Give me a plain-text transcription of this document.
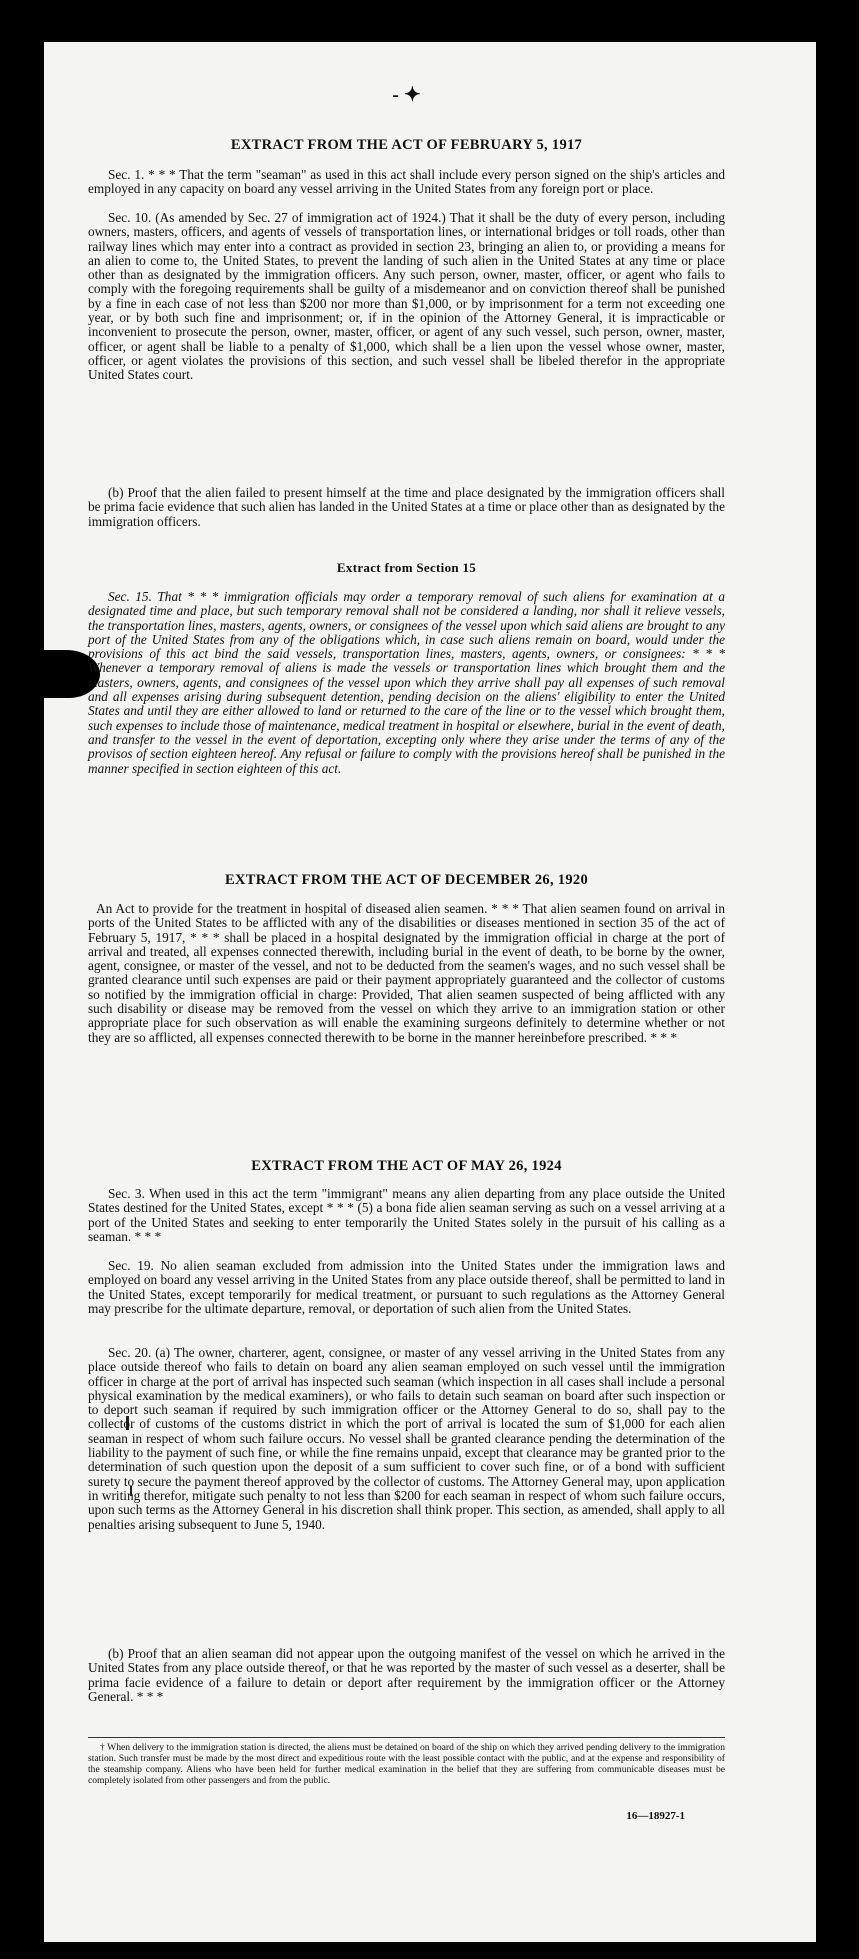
- ✦
EXTRACT FROM THE ACT OF FEBRUARY 5, 1917
Sec. 1. * * * That the term "seaman" as used in this act shall include every person signed on the ship's articles and employed in any capacity on board any vessel arriving in the United States from any foreign port or place.
Sec. 10. (As amended by Sec. 27 of immigration act of 1924.) That it shall be the duty of every person, including owners, masters, officers, and agents of vessels of transportation lines, or international bridges or toll roads, other than railway lines which may enter into a contract as provided in section 23, bringing an alien to, or providing a means for an alien to come to, the United States, to prevent the landing of such alien in the United States at any time or place other than as designated by the immigration officers. Any such person, owner, master, officer, or agent who fails to comply with the foregoing requirements shall be guilty of a misdemeanor and on conviction thereof shall be punished by a fine in each case of not less than $200 nor more than $1,000, or by imprisonment for a term not exceeding one year, or by both such fine and imprisonment; or, if in the opinion of the Attorney General, it is impracticable or inconvenient to prosecute the person, owner, master, officer, or agent of any such vessel, such person, owner, master, officer, or agent shall be liable to a penalty of $1,000, which shall be a lien upon the vessel whose owner, master, officer, or agent violates the provisions of this section, and such vessel shall be libeled therefor in the appropriate United States court.
(b) Proof that the alien failed to present himself at the time and place designated by the immigration officers shall be prima facie evidence that such alien has landed in the United States at a time or place other than as designated by the immigration officers.
Extract from Section 15
Sec. 15. That * * * immigration officials may order a temporary removal of such aliens for examination at a designated time and place, but such temporary removal shall not be considered a landing, nor shall it relieve vessels, the transportation lines, masters, agents, owners, or consignees of the vessel upon which said aliens are brought to any port of the United States from any of the obligations which, in case such aliens remain on board, would under the provisions of this act bind the said vessels, transportation lines, masters, agents, owners, or consignees: * * * Whenever a temporary removal of aliens is made the vessels or transportation lines which brought them and the masters, owners, agents, and consignees of the vessel upon which they arrive shall pay all expenses of such removal and all expenses arising during subsequent detention, pending decision on the aliens' eligibility to enter the United States and until they are either allowed to land or returned to the care of the line or to the vessel which brought them, such expenses to include those of maintenance, medical treatment in hospital or elsewhere, burial in the event of death, and transfer to the vessel in the event of deportation, excepting only where they arise under the terms of any of the provisos of section eighteen hereof. Any refusal or failure to comply with the provisions hereof shall be punished in the manner specified in section eighteen of this act.
EXTRACT FROM THE ACT OF DECEMBER 26, 1920
An Act to provide for the treatment in hospital of diseased alien seamen. * * * That alien seamen found on arrival in ports of the United States to be afflicted with any of the disabilities or diseases mentioned in section 35 of the act of February 5, 1917, * * * shall be placed in a hospital designated by the immigration official in charge at the port of arrival and treated, all expenses connected therewith, including burial in the event of death, to be borne by the owner, agent, consignee, or master of the vessel, and not to be deducted from the seamen's wages, and no such vessel shall be granted clearance until such expenses are paid or their payment appropriately guaranteed and the collector of customs so notified by the immigration official in charge: Provided, That alien seamen suspected of being afflicted with any such disability or disease may be removed from the vessel on which they arrive to an immigration station or other appropriate place for such observation as will enable the examining surgeons definitely to determine whether or not they are so afflicted, all expenses connected therewith to be borne in the manner hereinbefore prescribed. * * *
EXTRACT FROM THE ACT OF MAY 26, 1924
Sec. 3. When used in this act the term "immigrant" means any alien departing from any place outside the United States destined for the United States, except * * * (5) a bona fide alien seaman serving as such on a vessel arriving at a port of the United States and seeking to enter temporarily the United States solely in the pursuit of his calling as a seaman. * * *
Sec. 19. No alien seaman excluded from admission into the United States under the immigration laws and employed on board any vessel arriving in the United States from any place outside thereof, shall be permitted to land in the United States, except temporarily for medical treatment, or pursuant to such regulations as the Attorney General may prescribe for the ultimate departure, removal, or deportation of such alien from the United States.
Sec. 20. (a) The owner, charterer, agent, consignee, or master of any vessel arriving in the United States from any place outside thereof who fails to detain on board any alien seaman employed on such vessel until the immigration officer in charge at the port of arrival has inspected such seaman (which inspection in all cases shall include a personal physical examination by the medical examiners), or who fails to detain such seaman on board after such inspection or to deport such seaman if required by such immigration officer or the Attorney General to do so, shall pay to the collector of customs of the customs district in which the port of arrival is located the sum of $1,000 for each alien seaman in respect of whom such failure occurs. No vessel shall be granted clearance pending the determination of the liability to the payment of such fine, or while the fine remains unpaid, except that clearance may be granted prior to the determination of such question upon the deposit of a sum sufficient to cover such fine, or of a bond with sufficient surety to secure the payment thereof approved by the collector of customs. The Attorney General may, upon application in writing therefor, mitigate such penalty to not less than $200 for each seaman in respect of whom such failure occurs, upon such terms as the Attorney General in his discretion shall think proper. This section, as amended, shall apply to all penalties arising subsequent to June 5, 1940.
(b) Proof that an alien seaman did not appear upon the outgoing manifest of the vessel on which he arrived in the United States from any place outside thereof, or that he was reported by the master of such vessel as a deserter, shall be prima facie evidence of a failure to detain or deport after requirement by the immigration officer or the Attorney General. * * *
† When delivery to the immigration station is directed, the aliens must be detained on board of the ship on which they arrived pending delivery to the immigration station. Such transfer must be made by the most direct and expeditious route with the least possible contact with the public, and at the expense and responsibility of the steamship company. Aliens who have been held for further medical examination in the belief that they are suffering from communicable diseases must be completely isolated from other passengers and from the public.
16—18927-1
